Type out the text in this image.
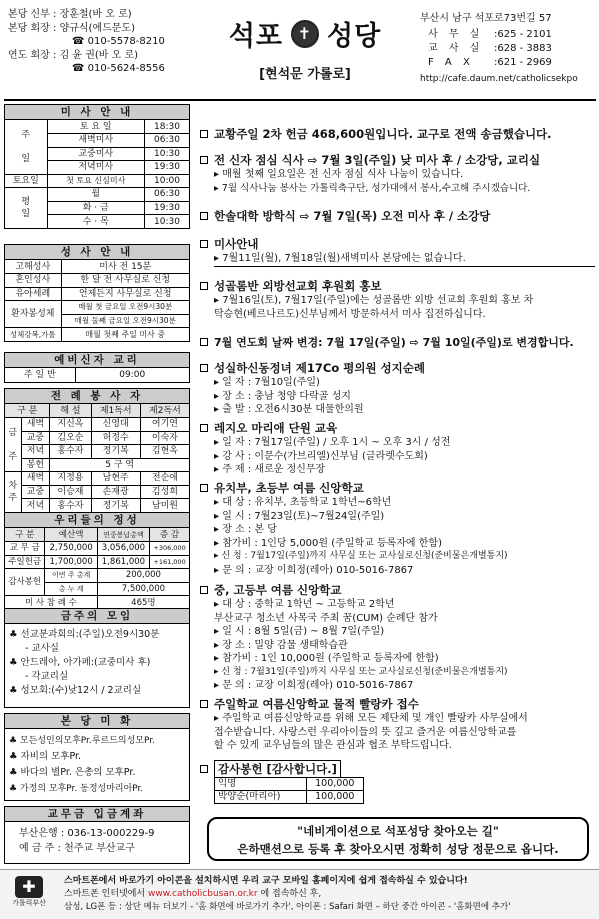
본당 신부 : 장훈철(바 오 로)
본당 회장 : 양규식(에드문도)
☎ 010-5578-8210
연도 회장 : 김 윤 권(바 오 로)
☎ 010-5624-8556
석포 ✝ 성당
[현석문 가롤로]
부산시 남구 석포로73번길 57
사 무 실	: 625 - 2101
교 사 실	: 628 - 3883
F A X	: 621 - 2969
http://cafe.daum.net/catholicsekpo
미 사 안 내
주

일	토 요 일	18:30
	새벽미사	06:30
	교중미사	10:30
	저녁미사	19:30
토요일	첫 토요 신심미사	10:00
평
일	월	06:30
	화 · 금	19:30
	수 · 목	10:30
성 사 안 내
고해성사	미사 전 15분
혼인성사	한 달 전 사무실로 신청
유아세례	언제든지 사무실로 신청
환자봉성체	매월 첫 금요일 오전9시30분
	매월 둘째 금요일 오전9시30분
성체강복,가톨	매월 첫째 주일 미사 중
예비신자 교리
주 일 반	09:00
전 례 봉 사 자
구 분		해 설	제1독서	제2독서
금

주	새벽	지신옥	신영대	여기연
	교중	김오순	허정수	이숙자
	저녁	홍수자	정기복	김현옥
	봉헌	5 구 역		
차
주	새벽	지정용	남현주	전순애
	교중	이승재	손재광	김성희
	저녁	홍수자	정기복	남미원
우리들의 정성
구 분	예산액	연중봉납총액	증 감
교 무 금	2,750,000	3,056,000	+306,000
주일헌금	1,700,000	1,861,000	+161,000
감사봉헌	이번 주 총계	200,000	
	총 누 계	7,500,000	
미 사 참 례 수		465명	
금주의 모임
♣ 선교분과회의:(주일)오전9시30분
- 교사실
♣ 안드레아, 아가페:(교중미사 후)
- 각교리실
♣ 성모회:(수)낮12시 / 2교리실
본 당 미 화
♣ 모든성인의모후Pr.루르드의성모Pr.
♣ 자비의 모후Pr.
♣ 바다의 별Pr. 은총의 모후Pr.
♣ 가정의 모후Pr. 동정성마리아Pr.
교무금 입금계좌
부산은행 : 036-13-000229-9
예 금 주 : 천주교 부산교구
교황주일 2차 헌금 468,600원입니다. 교구로 전액 송금했습니다.
전 신자 점심 식사 ⇨ 7월 3일(주일) 낮 미사 후 / 소강당, 교리실
▸ 매월 첫째 일요일은 전 신자 점심 식사 나눔이 있습니다.
▸ 7월 식사나눔 봉사는 가톨릭축구단, 성가대에서 봉사,수고해 주시겠습니다.
한솔대학 방학식 ⇨ 7월 7일(목) 오전 미사 후 / 소강당
미사안내
▸ 7월11일(월), 7월18일(월)새벽미사 본당에는 없습니다.
성골롬반 외방선교회 후원회 홍보
▸ 7월16일(토), 7월17일(주일)에는 성골롬반 외방 선교회 후원회 홍보 차
탁승현(베르나르도)신부님께서 방문하셔서 미사 집전하십니다.
7월 연도회 날짜 변경: 7월 17일(주일) ⇨ 7월 10일(주일)로 변경합니다.
성실하신동정녀 제17Co 평의원 성지순례
▸ 일 자 : 7월10일(주일)
▸ 장 소 : 충남 청양 다락골 성지
▸ 출 발 : 오전6시30분 대물한의원
레지오 마리애 단원 교육
▸ 일 자 : 7월17일(주일) / 오후 1시 ~ 오후 3시 / 성전
▸ 강 사 : 이문수(가브리엘)신부님 (글라렛수도회)
▸ 주 제 : 새로운 정신무장
유치부, 초등부 여름 신앙학교
▸ 대 상 : 유치부, 초등학교 1학년~6학년
▸ 일 시 : 7월23일(토)~7월24일(주일)
▸ 장 소 : 본 당
▸ 참가비 : 1인당 5,000원 (주일학교 등록자에 한함)
▸ 신 청 : 7월17일(주일)까지 사무실 또는 교사실로신청(준비물은개별통지)
▸ 문 의 : 교장 이희정(레아) 010-5016-7867
중, 고등부 여름 신앙학교
▸ 대 상 : 중학교 1학년 ~ 고등학교 2학년
부산교구 청소년 사목국 주최 꿈(CUM) 순례단 참가
▸ 일 시 : 8월 5일(금) ~ 8월 7일(주일)
▸ 장 소 : 밀양 감물 생태학습관
▸ 참가비 : 1인 10,000원 (주일학교 등록자에 한함)
▸ 신 청 : 7월31일(주일)까지 사무실 또는 교사실로신청(준비물은개별통지)
▸ 문 의 : 교장 이희정(레아) 010-5016-7867
주일학교 여름신앙학교 물적 빨랑카 접수
▸ 주일학교 여름신앙학교를 위해 모든 제단체 및 개인 빨랑카 사무실에서
접수받습니다. 사랑스런 우리아이들의 뜻 깊고 즐거운 여름신앙학교를
할 수 있게 교우님들의 많은 관심과 협조 부탁드립니다.
감사봉헌 [감사합니다.]
익명	100,000
박양순(마리아)	100,000
"네비게이션으로 석포성당 찾아오는 길"
은하맨션으로 등록 후 찾아오시면 정확히 성당 정문으로 옵니다.
✚
가톨릭부산
스마트폰에서 바로가기 아이콘을 설치하시면 우리 교구 모바일 홈페이지에 쉽게 접속하실 수 있습니다!
스마트폰 인터넷에서 www.catholicbusan.or.kr 에 접속하신 후,
삼성, LG폰 등 : 상단 메뉴 더보기 - '홈 화면에 바로가기 추가', 아이폰 : Safari 화면 – 하단 중간 아이콘 - '홈화면에 추가'
